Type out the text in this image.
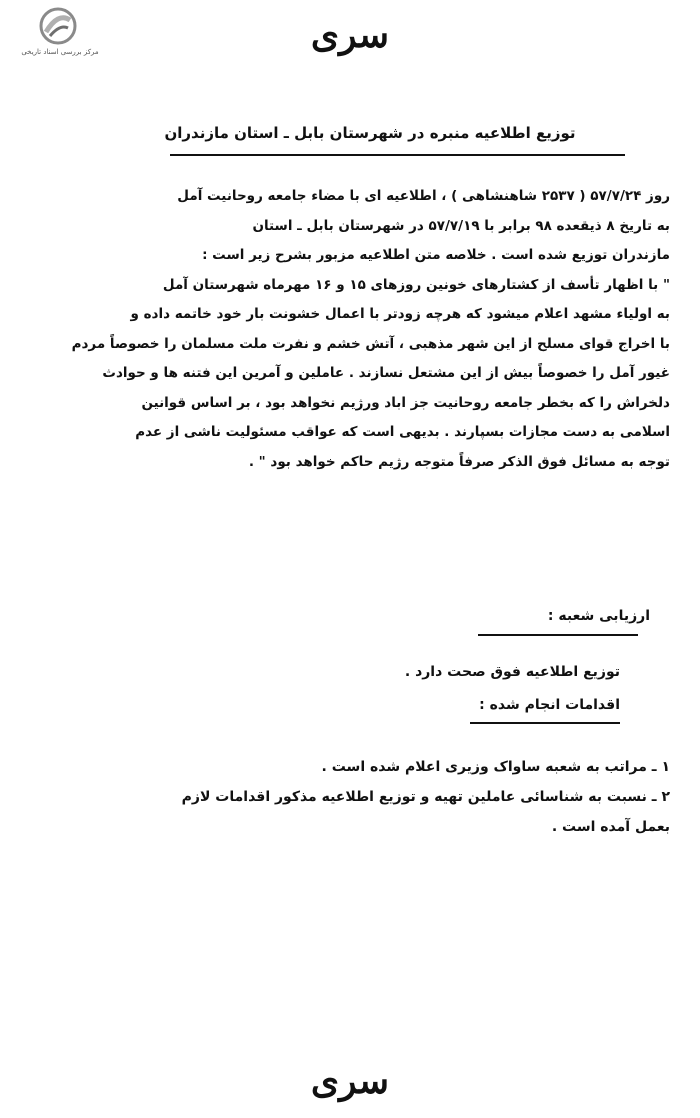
مرکز بررسی اسناد تاریخی	سری
توزیع اطلاعیه منبره در شهرستان بابل ـ استان مازندران
روز ۵۷/۷/۲۴ ( ۲۵۳۷ شاهنشاهی ) ، اطلاعیه ای با مضاء جامعه روحانیت آمل
به تاریخ ۸ ذیقعده ۹۸ برابر با ۵۷/۷/۱۹ در شهرستان بابل ـ استان
مازندران توزیع شده است . خلاصه متن اطلاعیه مزبور بشرح زیر است :
" با اظهار تأسف از کشتارهای خونین روزهای ۱۵ و ۱۶ مهرماه شهرستان آمل
به اولیاء مشهد اعلام میشود که هرچه زودتر با اعمال خشونت بار خود خاتمه داده و
با اخراج قوای مسلح از این شهر مذهبی ، آتش خشم و نفرت ملت مسلمان را خصوصاً مردم
غیور آمل را خصوصاً بیش از این مشتعل نسازند . عاملین و آمرین این فتنه ها و حوادث
دلخراش را که بخطر جامعه روحانیت جز اباد ورژیم نخواهد بود ، بر اساس قوانین
اسلامی به دست مجازات بسپارند . بدیهی است که عواقب مسئولیت ناشی از عدم
توجه به مسائل فوق الذکر صرفاً متوجه رژیم حاکم خواهد بود " .
ارزیابی شعبه :
توزیع اطلاعیه فوق صحت دارد .
اقدامات انجام شده :
۱ ـ مراتب به شعبه ساواک وزیری اعلام شده است .
۲ ـ نسبت به شناسائی عاملین تهیه و توزیع اطلاعیه مذکور اقدامات لازم
بعمل آمده است .
سری
